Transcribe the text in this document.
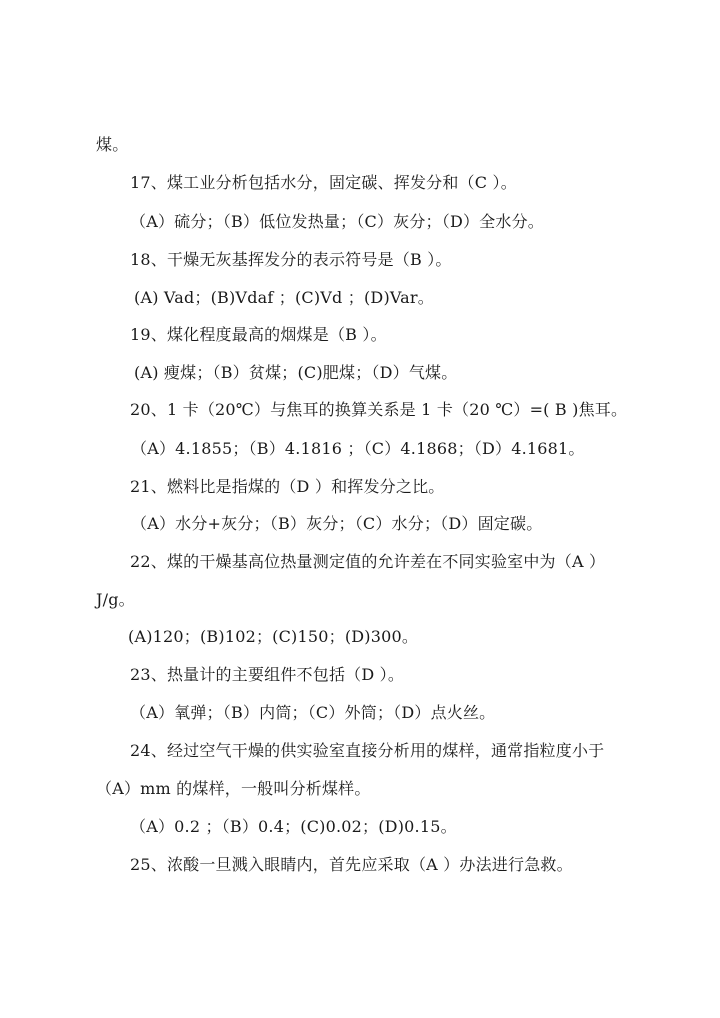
煤。
17、煤工业分析包括水分，固定碳、挥发分和（C ）。
（A）硫分；（B）低位发热量；（C）灰分；（D）全水分。
18、干燥无灰基挥发分的表示符号是（B ）。
(A) Vad；(B)Vdaf ；(C)Vd ；(D)Var。
19、煤化程度最高的烟煤是（B ）。
(A) 瘦煤；（B）贫煤；(C)肥煤；（D）气煤。
20、1 卡（20℃）与焦耳的换算关系是 1 卡（20 ℃）=( B )焦耳。
（A）4.1855；（B）4.1816 ；（C）4.1868；（D）4.1681。
21、燃料比是指煤的（D ）和挥发分之比。
（A）水分+灰分；（B）灰分；（C）水分；（D）固定碳。
22、煤的干燥基高位热量测定值的允许差在不同实验室中为（A ）
J/g。
(A)120；(B)102；(C)150；(D)300。
23、热量计的主要组件不包括（D ）。
（A）氧弹；（B）内筒；（C）外筒；（D）点火丝。
24、经过空气干燥的供实验室直接分析用的煤样，通常指粒度小于
（A）mm 的煤样，一般叫分析煤样。
（A）0.2 ；（B）0.4；(C)0.02；(D)0.15。
25、浓酸一旦溅入眼睛内，首先应采取（A ）办法进行急救。
